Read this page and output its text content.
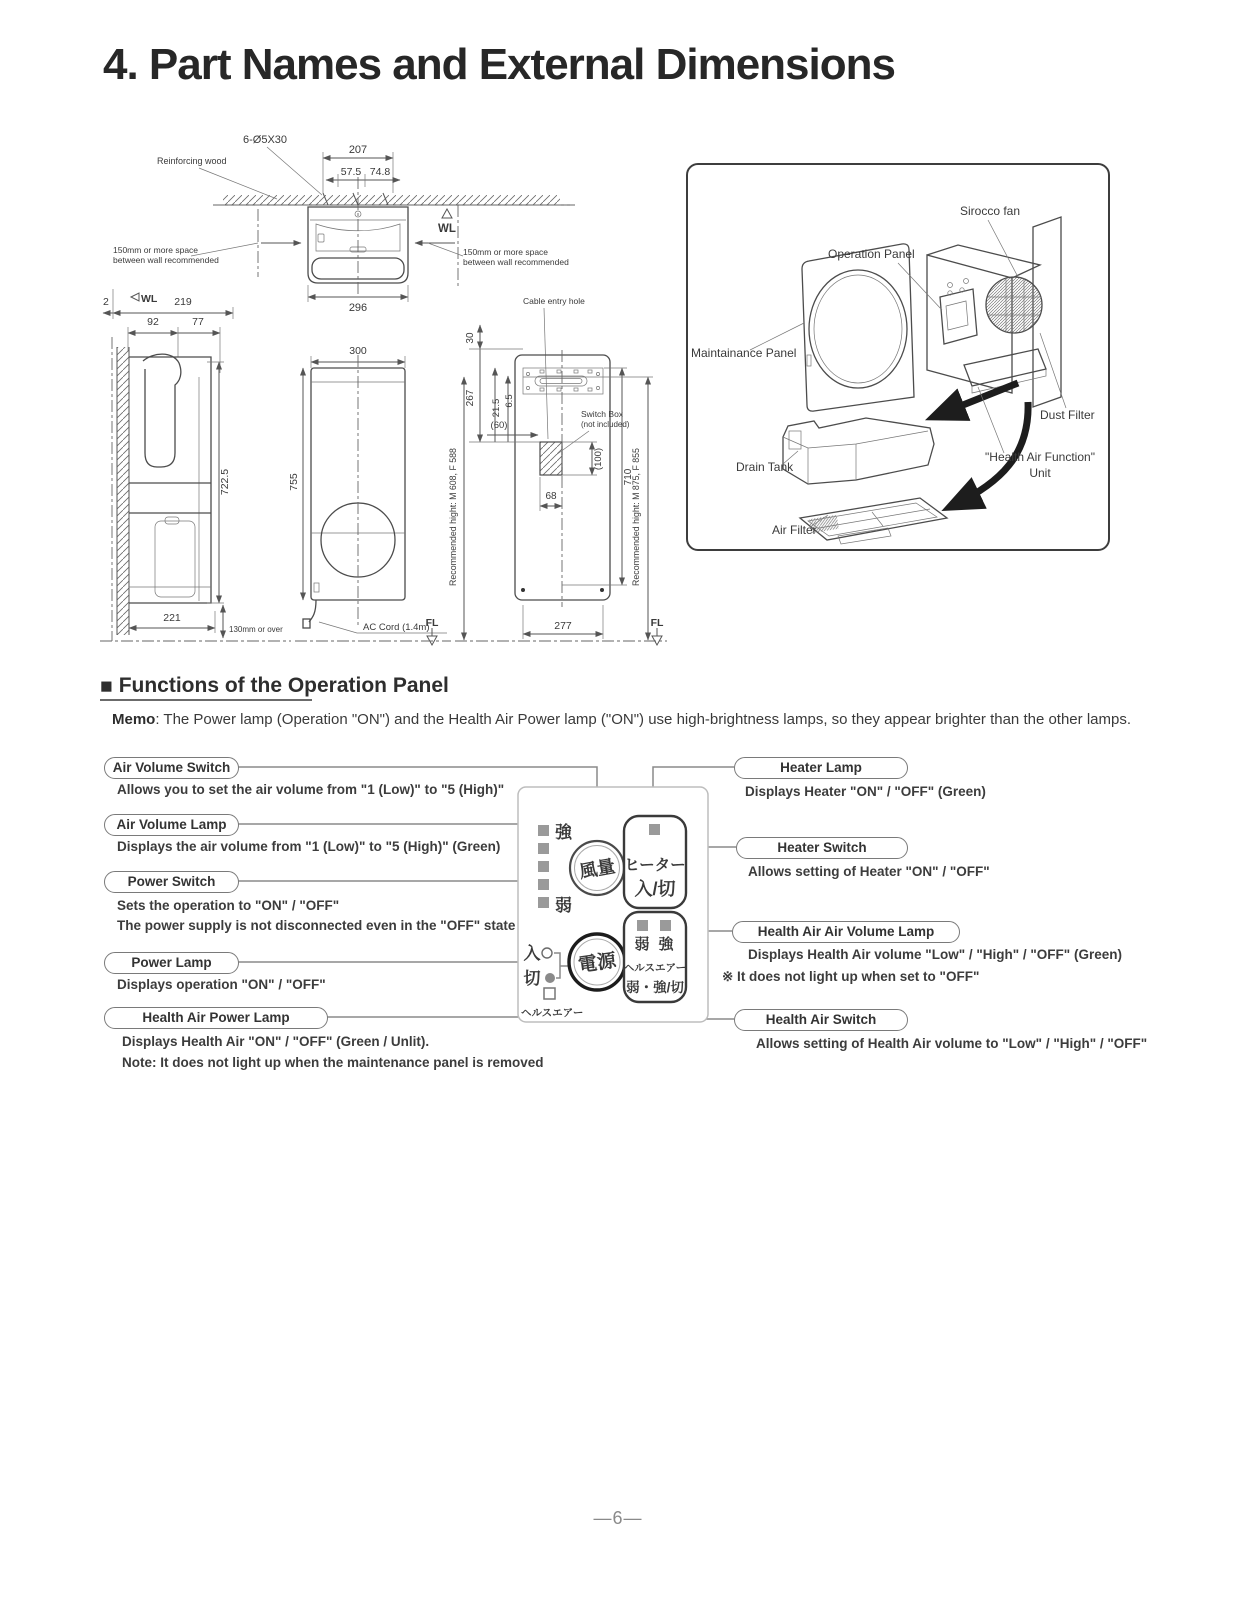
4. Part Names and External Dimensions
207
57.5 74.8
6-Ø5X30
Reinforcing wood
WL
150mm or more space
between wall recommended
150mm or more space
between wall recommended
296
2	WL 219
92	77
722.5
221
130mm or over
300
755
AC Cord (1.4m)
FL
Cable entry hole
30
267
21.5 6.5
(60)
Switch Box
(not included)
(100)
68
710
Recommended hight: M 608, F 588	Recommended hight: M 875, F 855
277	FL
Sirocco fan
Operation Panel
Maintainance Panel
Dust Filter
Drain Tank
"Health Air Function"
Unit
Air Filter
■ Functions of the Operation Panel
Memo: The Power lamp (Operation "ON") and the Health Air Power lamp ("ON") use high-brightness lamps, so they appear brighter than the other lamps.
強
弱
風量 ヒーター
入/切
入
切
電源
弱 強
ヘルスエアー
弱・強/切
ヘルスエアー
Air Volume Switch
Allows you to set the air volume from "1 (Low)" to "5 (High)"
Air Volume Lamp
Displays the air volume from "1 (Low)" to "5 (High)" (Green)
Power Switch
Sets the operation to "ON" / "OFF"
The power supply is not disconnected even in the "OFF" state
Power Lamp
Displays operation "ON" / "OFF"
Health Air Power Lamp
Displays Health Air "ON" / "OFF" (Green / Unlit).
Note: It does not light up when the maintenance panel is removed
Heater Lamp
Displays Heater "ON" / "OFF" (Green)
Heater Switch
Allows setting of Heater "ON" / "OFF"
Health Air Air Volume Lamp
Displays Health Air volume "Low" / "High" / "OFF" (Green)
※ It does not light up when set to "OFF"
Health Air Switch
Allows setting of Health Air volume to "Low" / "High" / "OFF"
—6—
